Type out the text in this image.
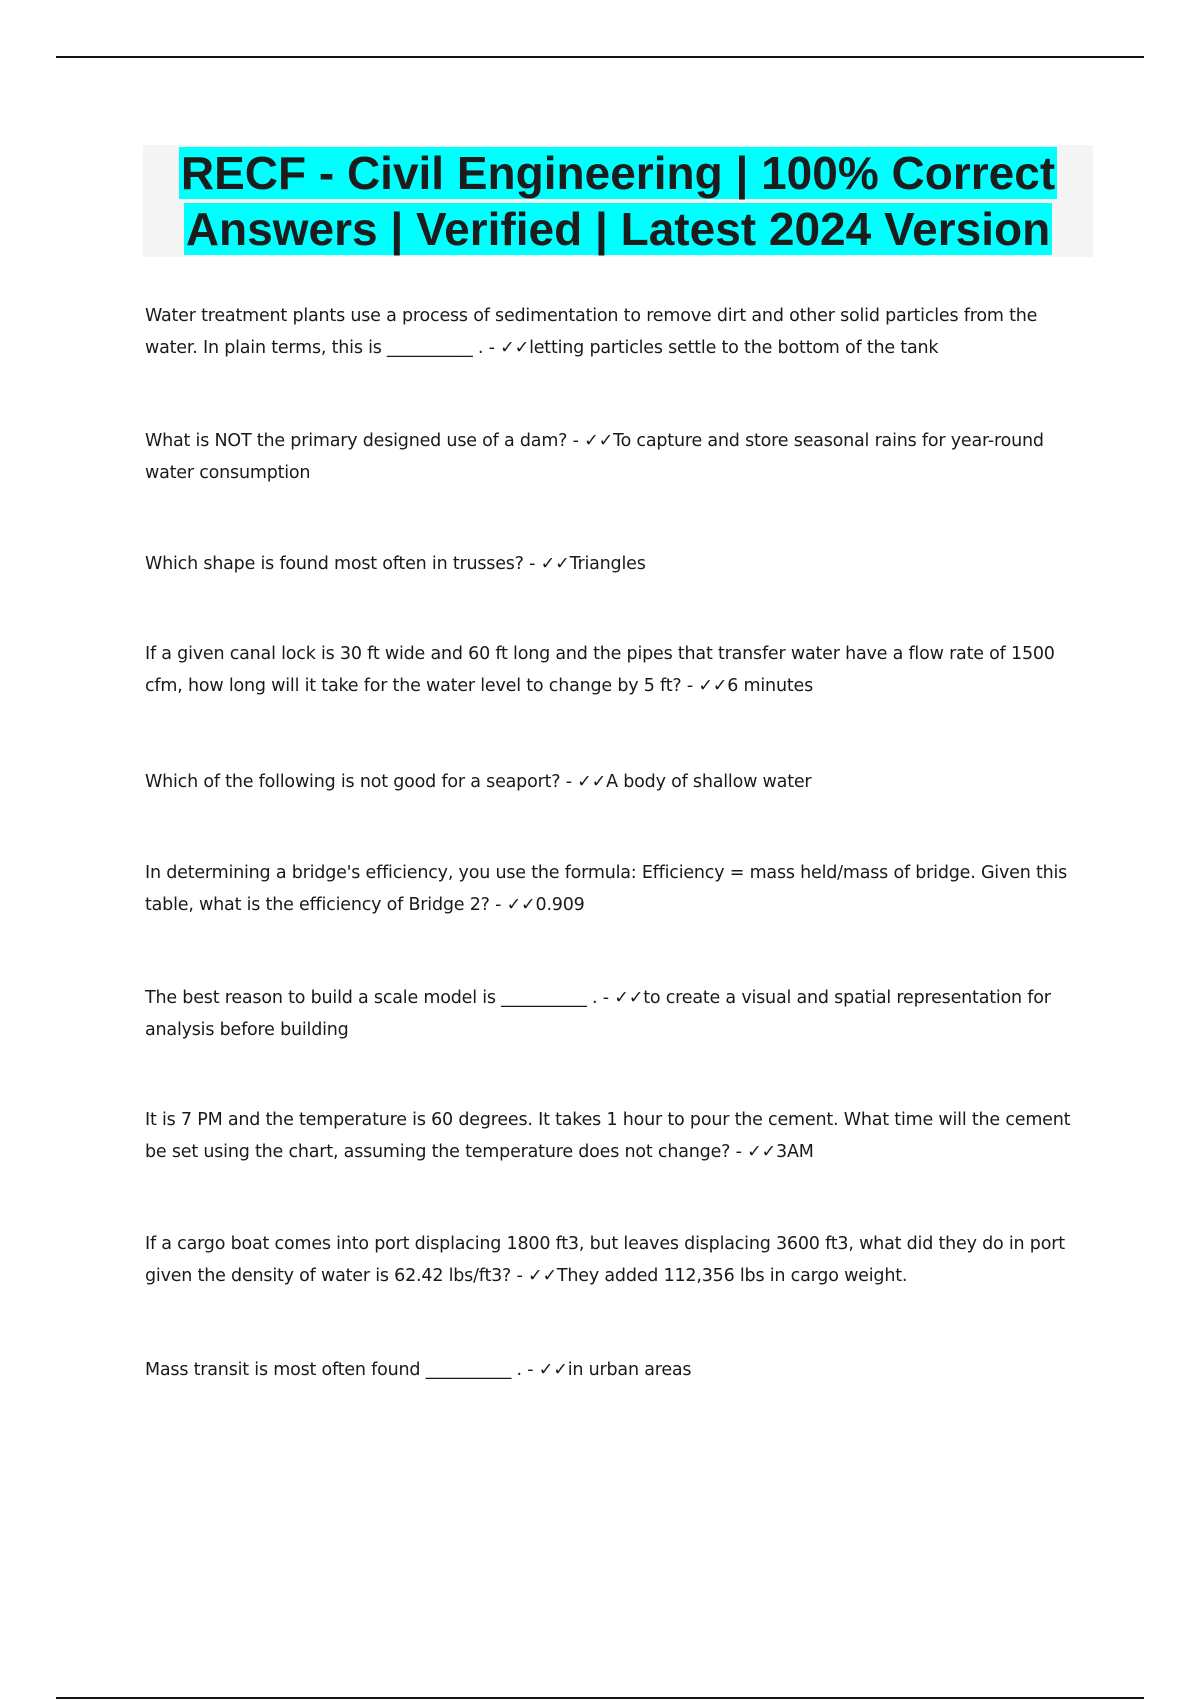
RECF - Civil Engineering | 100% Correct Answers | Verified | Latest 2024 Version
Water treatment plants use a process of sedimentation to remove dirt and other solid particles from the water. In plain terms, this is __________ . - ✓✓letting particles settle to the bottom of the tank
What is NOT the primary designed use of a dam? - ✓✓To capture and store seasonal rains for year-round water consumption
Which shape is found most often in trusses? - ✓✓Triangles
If a given canal lock is 30 ft wide and 60 ft long and the pipes that transfer water have a flow rate of 1500 cfm, how long will it take for the water level to change by 5 ft? - ✓✓6 minutes
Which of the following is not good for a seaport? - ✓✓A body of shallow water
In determining a bridge's efficiency, you use the formula: Efficiency = mass held/mass of bridge. Given this table, what is the efficiency of Bridge 2? - ✓✓0.909
The best reason to build a scale model is __________ . - ✓✓to create a visual and spatial representation for analysis before building
It is 7 PM and the temperature is 60 degrees. It takes 1 hour to pour the cement. What time will the cement be set using the chart, assuming the temperature does not change? - ✓✓3AM
If a cargo boat comes into port displacing 1800 ft3, but leaves displacing 3600 ft3, what did they do in port given the density of water is 62.42 lbs/ft3? - ✓✓They added 112,356 lbs in cargo weight.
Mass transit is most often found __________ . - ✓✓in urban areas
